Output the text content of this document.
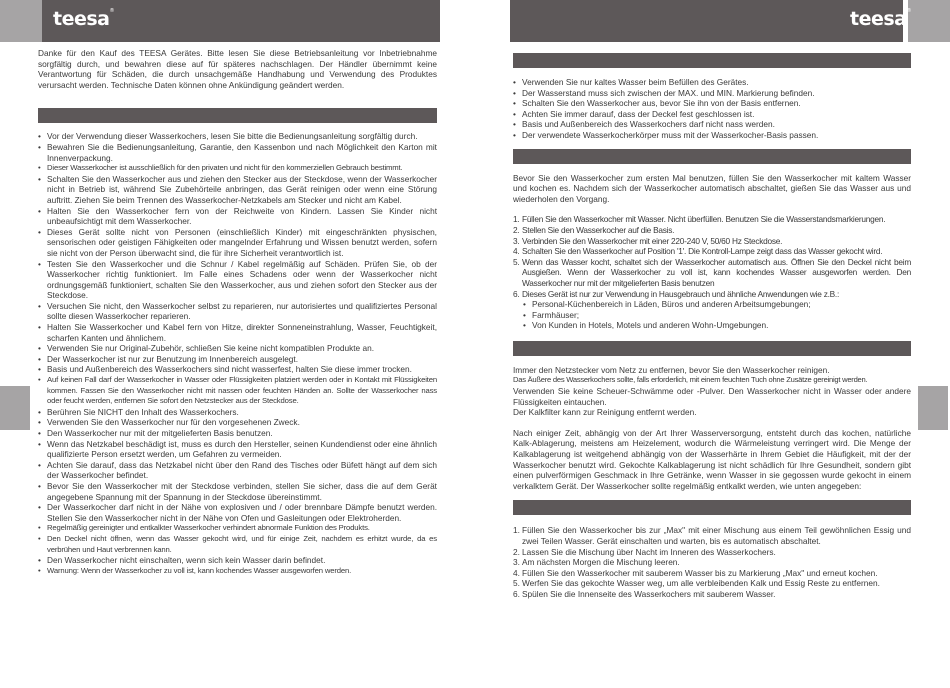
teesa®	teesa®

Danke für den Kauf des TEESA Gerätes. Bitte lesen Sie diese Betriebsanleitung vor Inbetriebnahme sorgfältig durch, und bewahren diese auf für späteres nachschlagen. Der Händler übernimmt keine Verantwortung für Schäden, die durch unsachgemäße Handhabung und Verwendung des Produktes verursacht werden. Technische Daten können ohne Ankündigung geändert werden.

• Vor der Verwendung dieser Wasserkochers, lesen Sie bitte die Bedienungsanleitung sorgfältig durch.
• Bewahren Sie die Bedienungsanleitung, Garantie, den Kassenbon und nach Möglichkeit den Karton mit Innenverpackung.
• Dieser Wasserkocher ist ausschließlich für den privaten und nicht für den kommerziellen Gebrauch bestimmt.
• Schalten Sie den Wasserkocher aus und ziehen den Stecker aus der Steckdose, wenn der Wasserkocher nicht in Betrieb ist, während Sie Zubehörteile anbringen, das Gerät reinigen oder wenn eine Störung auftritt. Ziehen Sie beim Trennen des Wasserkocher-Netzkabels am Stecker und nicht am Kabel.
• Halten Sie den Wasserkocher fern von der Reichweite von Kindern. Lassen Sie Kinder nicht unbeaufsichtigt mit dem Wasserkocher.
• Dieses Gerät sollte nicht von Personen (einschließlich Kinder) mit eingeschränkten physischen, sensorischen oder geistigen Fähigkeiten oder mangelnder Erfahrung und Wissen benutzt werden, sofern sie nicht von der Person überwacht sind, die für ihre Sicherheit verantwortlich ist.
• Testen Sie den Wasserkocher und die Schnur / Kabel regelmäßig auf Schäden. Prüfen Sie, ob der Wasserkocher richtig funktioniert. Im Falle eines Schadens oder wenn der Wasserkocher nicht ordnungsgemäß funktioniert, schalten Sie den Wasserkocher, aus und ziehen sofort den Stecker aus der Steckdose.
• Versuchen Sie nicht, den Wasserkocher selbst zu reparieren, nur autorisiertes und qualifiziertes Personal sollte diesen Wasserkocher reparieren.
• Halten Sie Wasserkocher und Kabel fern von Hitze, direkter Sonneneinstrahlung, Wasser, Feuchtigkeit, scharfen Kanten und ähnlichem.
• Verwenden Sie nur Original-Zubehör, schließen Sie keine nicht kompatiblen Produkte an.
• Der Wasserkocher ist nur zur Benutzung im Innenbereich ausgelegt.
• Basis und Außenbereich des Wasserkochers sind nicht wasserfest, halten Sie diese immer trocken.
• Auf keinen Fall darf der Wasserkocher in Wasser oder Flüssigkeiten platziert werden oder in Kontakt mit Flüssigkeiten kommen. Fassen Sie den Wasserkocher nicht mit nassen oder feuchten Händen an. Sollte der Wasserkocher nass oder feucht werden, entfernen Sie sofort den Netzstecker aus der Steckdose.
• Berühren Sie NICHT den Inhalt des Wasserkochers.
• Verwenden Sie den Wasserkocher nur für den vorgesehenen Zweck.
• Den Wasserkocher nur mit der mitgelieferten Basis benutzen.
• Wenn das Netzkabel beschädigt ist, muss es durch den Hersteller, seinen Kundendienst oder eine ähnlich qualifizierte Person ersetzt werden, um Gefahren zu vermeiden.
• Achten Sie darauf, dass das Netzkabel nicht über den Rand des Tisches oder Büfett hängt auf dem sich der Wasserkocher befindet.
• Bevor Sie den Wasserkocher mit der Steckdose verbinden, stellen Sie sicher, dass die auf dem Gerät angegebene Spannung mit der Spannung in der Steckdose übereinstimmt.
• Der Wasserkocher darf nicht in der Nähe von explosiven und / oder brennbare Dämpfe benutzt werden. Stellen Sie den Wasserkocher nicht in der Nähe von Ofen und Gasleitungen oder Elektroherden.
• Regelmäßig gereinigter und entkalkter Wasserkocher verhindert abnormale Funktion des Produkts.
• Den Deckel nicht öffnen, wenn das Wasser gekocht wird, und für einige Zeit, nachdem es erhitzt wurde, da es verbrühen und Haut verbrennen kann.
• Den Wasserkocher nicht einschalten, wenn sich kein Wasser darin befindet.
• Warnung: Wenn der Wasserkocher zu voll ist, kann kochendes Wasser ausgeworfen werden.
• Verwenden Sie nur kaltes Wasser beim Befüllen des Gerätes.
• Der Wasserstand muss sich zwischen der MAX. und MIN. Markierung befinden.
• Schalten Sie den Wasserkocher aus, bevor Sie ihn von der Basis entfernen.
• Achten Sie immer darauf, dass der Deckel fest geschlossen ist.
• Basis und Außenbereich des Wasserkochers darf nicht nass werden.
• Der verwendete Wasserkocherkörper muss mit der Wasserkocher-Basis passen.

Bevor Sie den Wasserkocher zum ersten Mal benutzen, füllen Sie den Wasserkocher mit kaltem Wasser und kochen es. Nachdem sich der Wasserkocher automatisch abschaltet, gießen Sie das Wasser aus und wiederholen den Vorgang.

1. Füllen Sie den Wasserkocher mit Wasser. Nicht überfüllen. Benutzen Sie die Wasserstandsmarkierungen.
2. Stellen Sie den Wasserkocher auf die Basis.
3. Verbinden Sie den Wasserkocher mit einer 220-240 V, 50/60 Hz Steckdose.
4. Schalten Sie den Wasserkocher auf Position '1'. Die Kontroll-Lampe zeigt dass das Wasser gekocht wird.
5. Wenn das Wasser kocht, schaltet sich der Wasserkocher automatisch aus. Öffnen Sie den Deckel nicht beim Ausgießen. Wenn der Wasserkocher zu voll ist, kann kochendes Wasser ausgeworfen werden. Den Wasserkocher nur mit der mitgelieferten Basis benutzen
6. Dieses Gerät ist nur zur Verwendung in Hausgebrauch und ähnliche Anwendungen wie z.B.:
• Personal-Küchenbereich in Läden, Büros und anderen Arbeitsumgebungen;
• Farmhäuser;
• Von Kunden in Hotels, Motels und anderen Wohn-Umgebungen.

Immer den Netzstecker vom Netz zu entfernen, bevor Sie den Wasserkocher reinigen.

Das Äußere des Wasserkochers sollte, falls erforderlich, mit einem feuchten Tuch ohne Zusätze gereinigt werden.

Verwenden Sie keine Scheuer-Schwämme oder -Pulver. Den Wasserkocher nicht in Wasser oder andere Flüssigkeiten eintauchen.

Der Kalkfilter kann zur Reinigung entfernt werden.

Nach einiger Zeit, abhängig von der Art Ihrer Wasserversorgung, entsteht durch das kochen, natürliche Kalk-Ablagerung, meistens am Heizelement, wodurch die Wärmeleistung verringert wird. Die Menge der Kalkablagerung ist weitgehend abhängig von der Wasserhärte in Ihrem Gebiet die Häufigkeit, mit der der Wasserkocher benutzt wird. Gekochte Kalkablagerung ist nicht schädlich für Ihre Gesundheit, sondern gibt einen pulverförmigen Geschmack in Ihre Getränke, wenn Wasser in sie gegossen wurde gekocht in einem verkalktem Gerät. Der Wasserkocher sollte regelmäßig entkalkt werden, wie unten angegeben:

1. Füllen Sie den Wasserkocher bis zur „Max" mit einer Mischung aus einem Teil gewöhnlichen Essig und zwei Teilen Wasser. Gerät einschalten und warten, bis es automatisch abschaltet.
2. Lassen Sie die Mischung über Nacht im Inneren des Wasserkochers.
3. Am nächsten Morgen die Mischung leeren.
4. Füllen Sie den Wasserkocher mit sauberem Wasser bis zu Markierung „Max" und erneut kochen.
5. Werfen Sie das gekochte Wasser weg, um alle verbleibenden Kalk und Essig Reste zu entfernen.
6. Spülen Sie die Innenseite des Wasserkochers mit sauberem Wasser.
